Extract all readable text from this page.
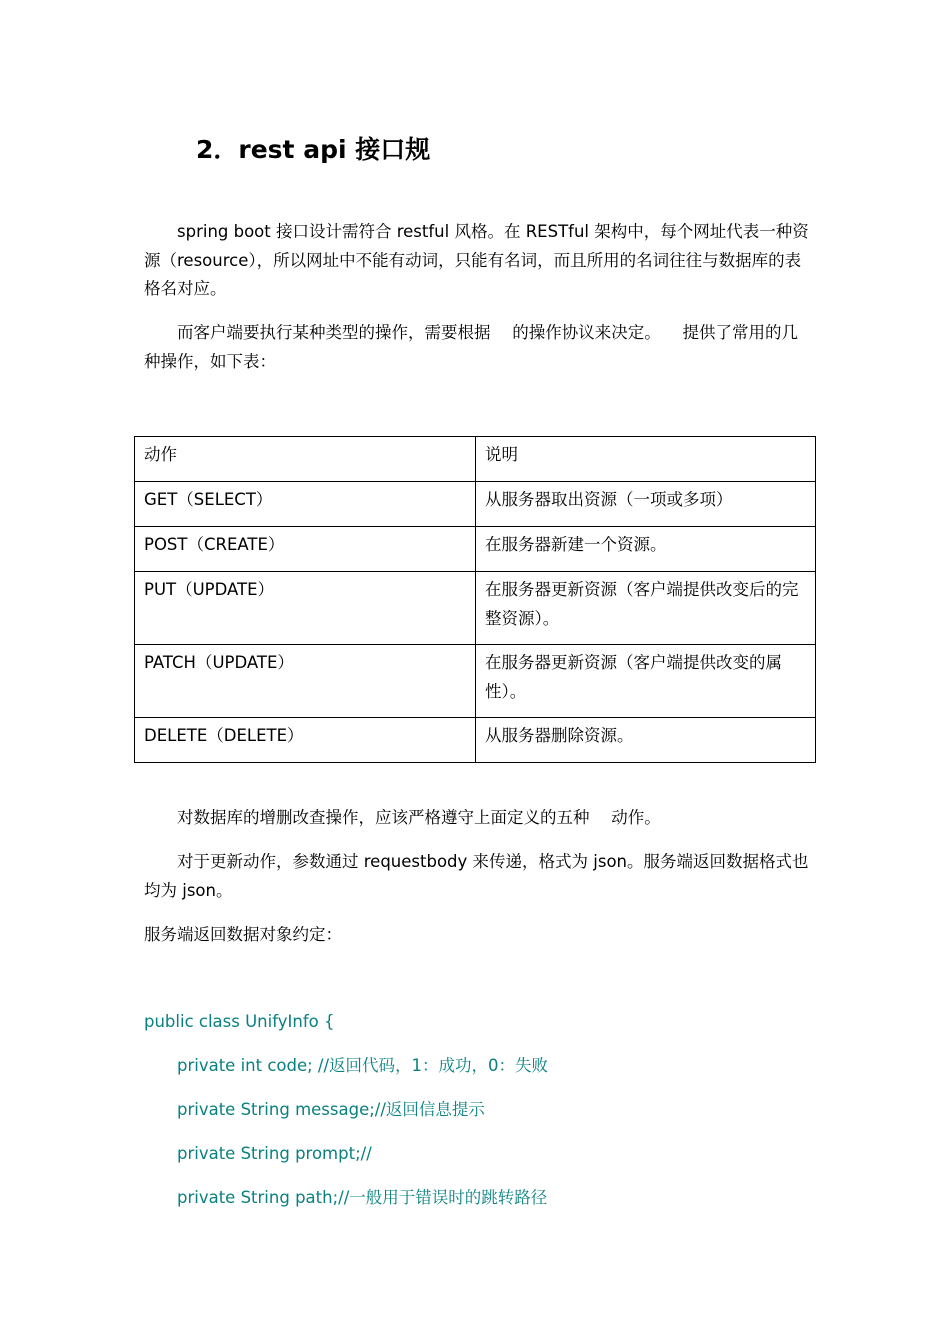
2．rest api 接口规

spring boot 接口设计需符合 restful 风格。在 RESTful 架构中，每个网址代表一种资源（resource），所以网址中不能有动词，只能有名词，而且所用的名词往往与数据库的表格名对应。

而客户端要执行某种类型的操作，需要根据 　的操作协议来决定。 　提供了常用的几种操作，如下表：

动作	说明
GET（SELECT）	从服务器取出资源（一项或多项）
POST（CREATE）	在服务器新建一个资源。
PUT（UPDATE）	在服务器更新资源（客户端提供改变后的完整资源）。
PATCH（UPDATE）	在服务器更新资源（客户端提供改变的属性）。
DELETE（DELETE）	从服务器删除资源。

对数据库的增删改查操作，应该严格遵守上面定义的五种 　动作。

对于更新动作，参数通过 requestbody 来传递，格式为 json。服务端返回数据格式也均为 json。

服务端返回数据对象约定：

public class UnifyInfo {
private int code; //返回代码，1：成功，0：失败
private String message;//返回信息提示
private String prompt;//
private String path;//一般用于错误时的跳转路径
